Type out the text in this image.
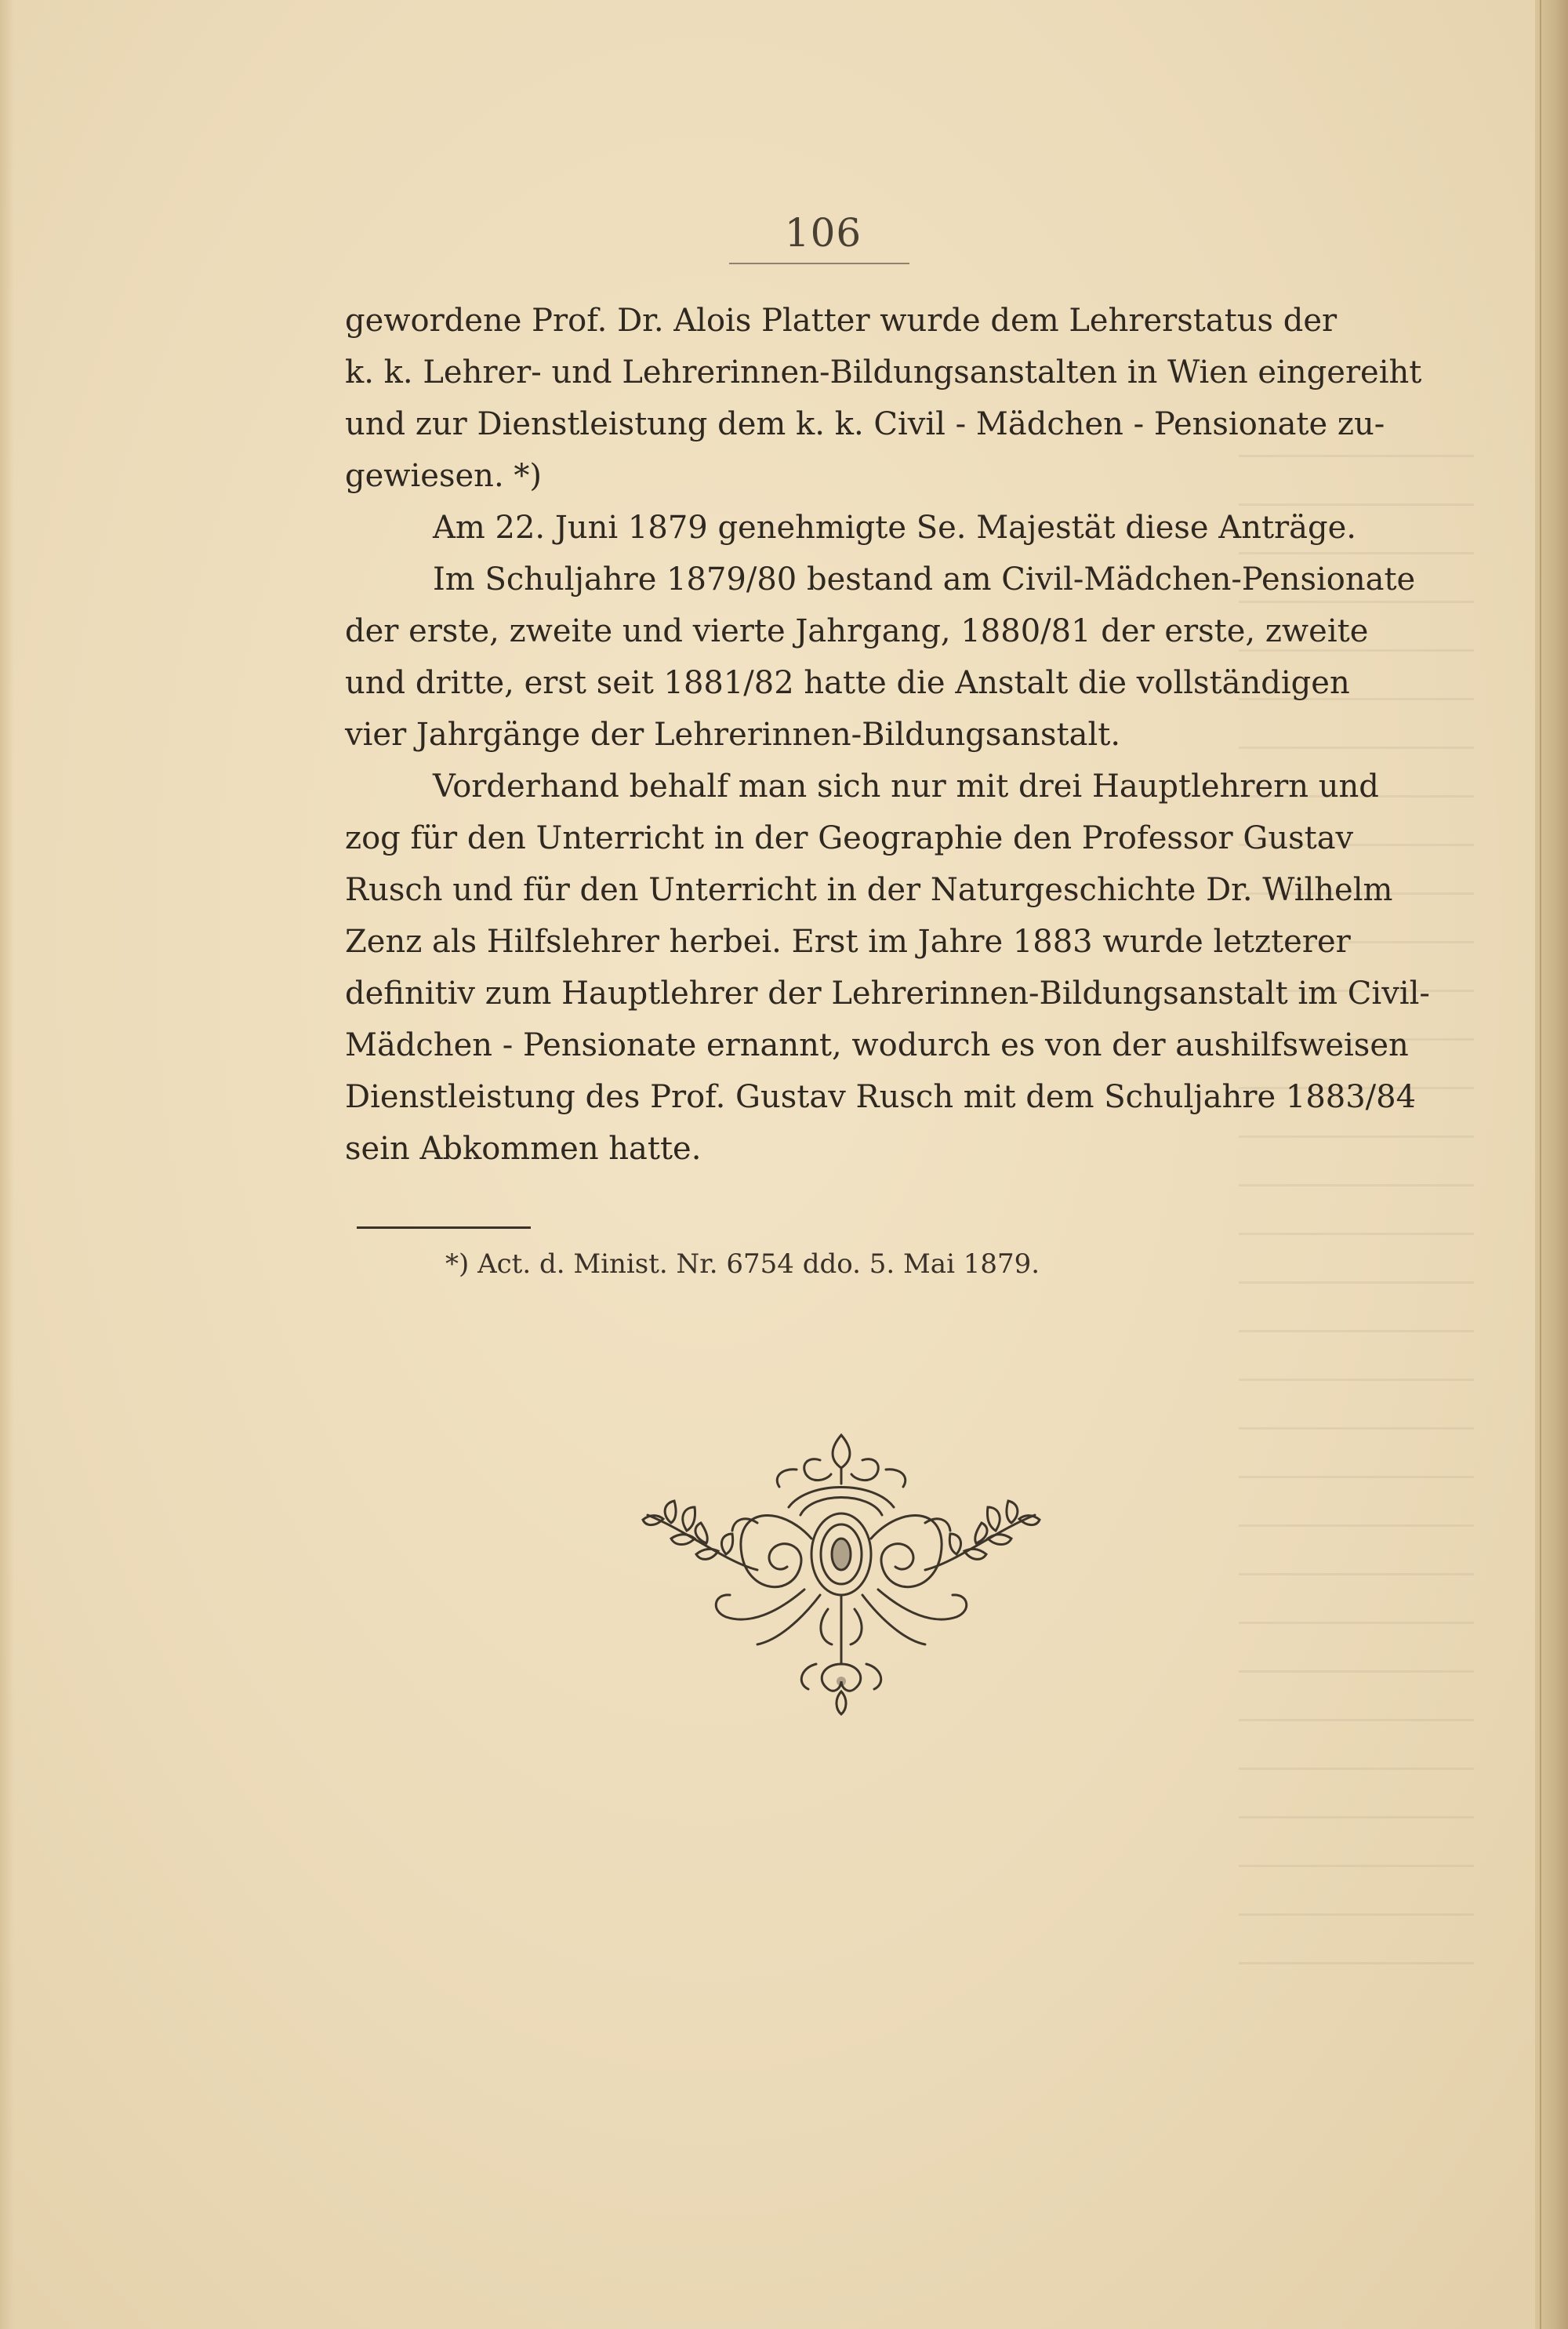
106
gewordene Prof. Dr. Alois Platter wurde dem Lehrerstatus der
k. k. Lehrer- und Lehrerinnen-Bildungsanstalten in Wien eingereiht
und zur Dienstleistung dem k. k. Civil - Mädchen - Pensionate zu-
gewiesen. *)
Am 22. Juni 1879 genehmigte Se. Majestät diese Anträge.
Im Schuljahre 1879/80 bestand am Civil-Mädchen-Pensionate
der erste, zweite und vierte Jahrgang, 1880/81 der erste, zweite
und dritte, erst seit 1881/82 hatte die Anstalt die vollständigen
vier Jahrgänge der Lehrerinnen-Bildungsanstalt.
Vorderhand behalf man sich nur mit drei Hauptlehrern und
zog für den Unterricht in der Geographie den Professor Gustav
Rusch und für den Unterricht in der Naturgeschichte Dr. Wilhelm
Zenz als Hilfslehrer herbei. Erst im Jahre 1883 wurde letzterer
definitiv zum Hauptlehrer der Lehrerinnen-Bildungsanstalt im Civil-
Mädchen - Pensionate ernannt, wodurch es von der aushilfsweisen
Dienstleistung des Prof. Gustav Rusch mit dem Schuljahre 1883/84
sein Abkommen hatte.
*) Act. d. Minist. Nr. 6754 ddo. 5. Mai 1879.
